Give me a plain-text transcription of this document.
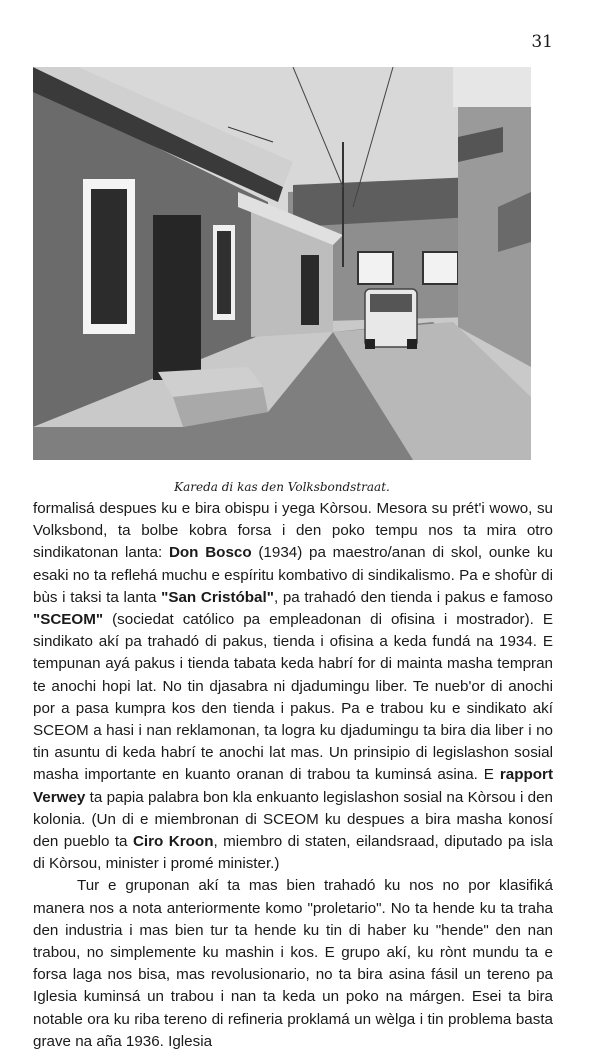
31
Kareda di kas den Volksbondstraat.

formalisá despues ku e bira obispu i yega Kòrsou. Mesora su prét'i wowo, su Volksbond, ta bolbe kobra forsa i den poko tempu nos ta mira otro sindikatonan lanta: Don Bosco (1934) pa maestro/anan di skol, ounke ku esaki no ta reflehá muchu e espíritu kombativo di sindikalismo. Pa e shofùr di bùs i taksi ta lanta "San Cristóbal", pa trahadó den tienda i pakus e famoso "SCEOM" (sociedat católico pa empleadonan di ofisina i mostrador). E sindikato akí pa trahadó di pakus, tienda i ofisina a keda fundá na 1934. E tempunan ayá pakus i tienda tabata keda habrí for di mainta masha tempran te anochi hopi lat. No tin djasabra ni djadumingu liber. Te nueb'or di anochi por a pasa kumpra kos den tienda i pakus. Pa e trabou ku e sindikato akí SCEOM a hasi i nan reklamonan, ta logra ku djadumingu ta bira dia liber i no tin asuntu di keda habrí te anochi lat mas. Un prinsipio di legislashon sosial masha importante en kuanto oranan di trabou ta kuminsá asina. E rapport Verwey ta papia palabra bon kla enkuanto legislashon sosial na Kòrsou i den kolonia. (Un di e miembronan di SCEOM ku despues a bira masha konosí den pueblo ta Ciro Kroon, miembro di staten, eilandsraad, diputado pa isla di Kòrsou, minister i promé minister.)

Tur e gruponan akí ta mas bien trahadó ku nos no por klasifiká manera nos a nota anteriormente komo "proletario". No ta hende ku ta traha den industria i mas bien tur ta hende ku tin di haber ku "hende" den nan trabou, no simplemente ku mashin i kos. E grupo akí, ku rònt mundu ta e forsa laga nos bisa, mas revolusionario, no ta bira asina fásil un tereno pa Iglesia kuminsá un trabou i nan ta keda un poko na márgen. Esei ta bira notable ora ku riba tereno di refineria proklamá un wèlga i tin problema basta grave na aña 1936. Iglesia
